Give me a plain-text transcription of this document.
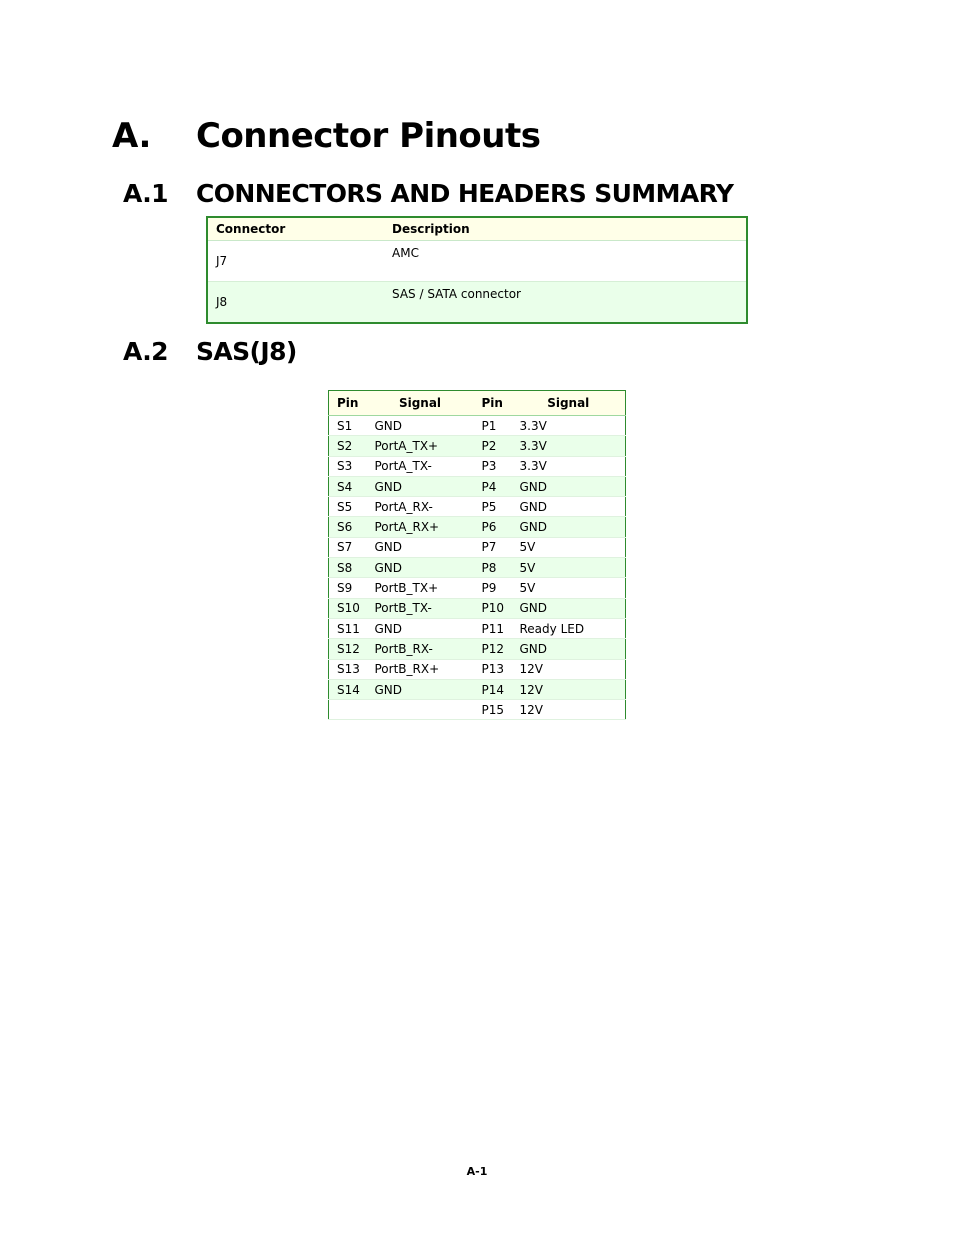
A. Connector Pinouts
A.1 CONNECTORS AND HEADERS SUMMARY
Connector	Description
J7	AMC
J8	SAS / SATA connector
A.2 SAS(J8)
Pin	Signal	Pin	Signal
S1	GND	P1	3.3V
S2	PortA_TX+	P2	3.3V
S3	PortA_TX-	P3	3.3V
S4	GND	P4	GND
S5	PortA_RX-	P5	GND
S6	PortA_RX+	P6	GND
S7	GND	P7	5V
S8	GND	P8	5V
S9	PortB_TX+	P9	5V
S10	PortB_TX-	P10	GND
S11	GND	P11	Ready LED
S12	PortB_RX-	P12	GND
S13	PortB_RX+	P13	12V
S14	GND	P14	12V
		P15	12V
A-1
